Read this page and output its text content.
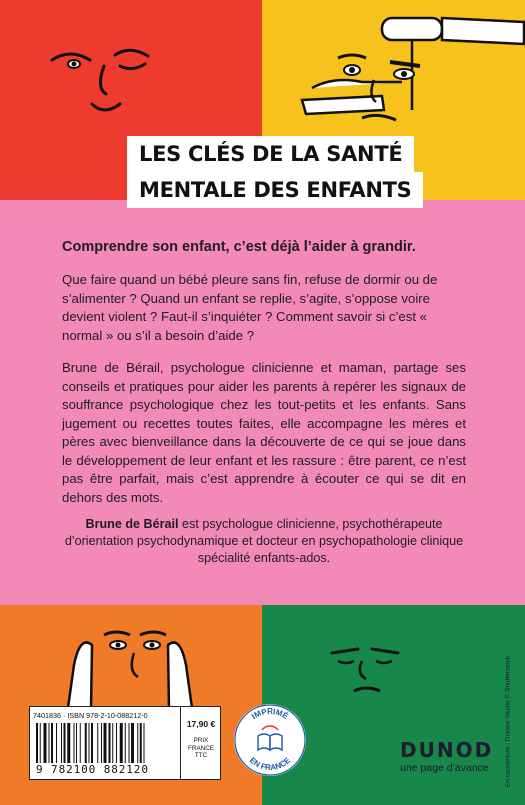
LES CLÉS DE LA SANTÉ
MENTALE DES ENFANTS

Comprendre son enfant, c’est déjà l’aider à grandir.

Que faire quand un bébé pleure sans fin, refuse de dormir ou de s’alimenter ? Quand un enfant se replie, s’agite, s’oppose voire devient violent ? Faut-il s’inquiéter ? Comment savoir si c’est « normal » ou s’il a besoin d’aide ?

Brune de Bérail, psychologue clinicienne et maman, partage ses conseils et pratiques pour aider les parents à repérer les signaux de souffrance psychologique chez les tout-petits et les enfants. Sans jugement ou recettes toutes faites, elle accompagne les mères et pères avec bienveillance dans la découverte de ce qui se joue dans le développement de leur enfant et les rassure : être parent, ce n’est pas être parfait, mais c’est apprendre à écouter ce qui se dit en dehors des mots.

Brune de Bérail est psychologue clinicienne, psychothérapeute d’orientation psychodynamique et docteur en psychopathologie clinique spécialité enfants-ados.
7401836 · ISBN 978-2-10-088212-0
9 782100 882120
17,90 €
PRIX
FRANCE
TTC
IMPRIMÉ
EN FRANCE	DUNOD
une page d’avance En couverture : Drafaw Studio © Shutterstock
